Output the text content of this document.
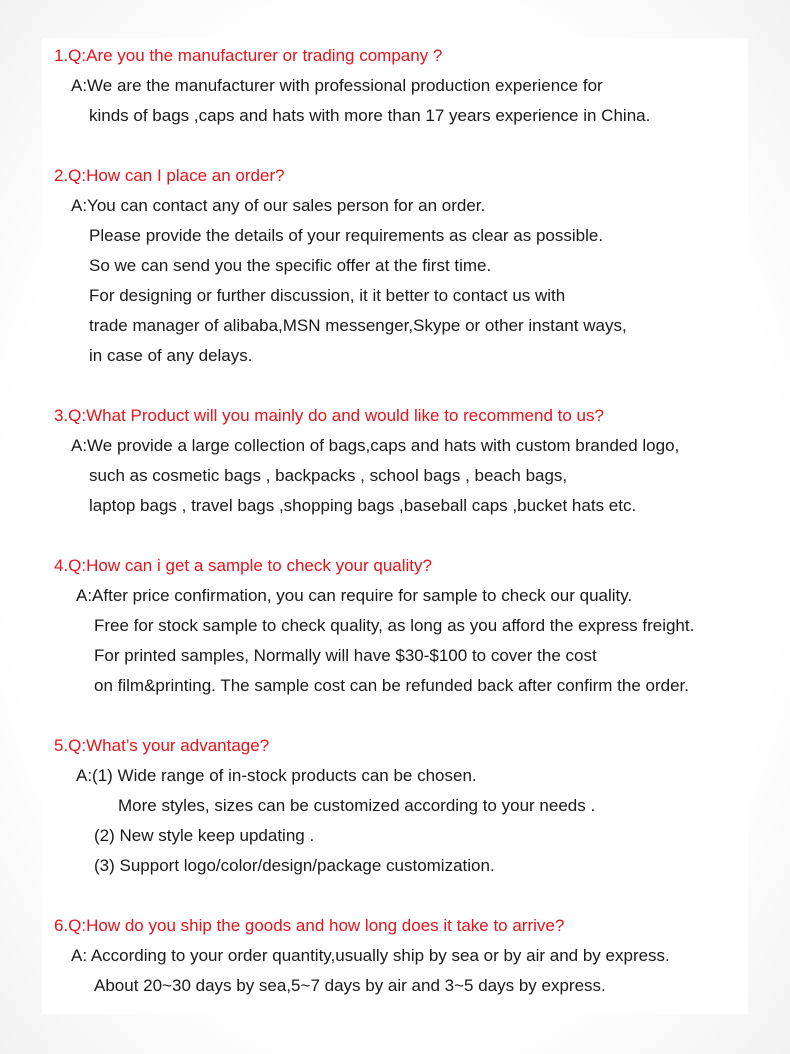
1.Q:Are you the manufacturer or trading company ?
A:We are the manufacturer with professional production experience for
kinds of bags ,caps and hats with more than 17 years experience in China.
2.Q:How can I place an order?
A:You can contact any of our sales person for an order.
Please provide the details of your requirements as clear as possible.
So we can send you the specific offer at the first time.
For designing or further discussion, it it better to contact us with
trade manager of alibaba,MSN messenger,Skype or other instant ways,
in case of any delays.
3.Q:What Product will you mainly do and would like to recommend to us?
A:We provide a large collection of bags,caps and hats with custom branded logo,
such as cosmetic bags , backpacks , school bags , beach bags,
laptop bags , travel bags ,shopping bags ,baseball caps ,bucket hats etc.
4.Q:How can i get a sample to check your quality?
A:After price confirmation, you can require for sample to check our quality.
Free for stock sample to check quality, as long as you afford the express freight.
For printed samples, Normally will have $30-$100 to cover the cost
on film&printing. The sample cost can be refunded back after confirm the order.
5.Q:What’s your advantage?
A:(1) Wide range of in-stock products can be chosen.
More styles, sizes can be customized according to your needs .
(2) New style keep updating .
(3) Support logo/color/design/package customization.
6.Q:How do you ship the goods and how long does it take to arrive?
A: According to your order quantity,usually ship by sea or by air and by express.
About 20~30 days by sea,5~7 days by air and 3~5 days by express.
